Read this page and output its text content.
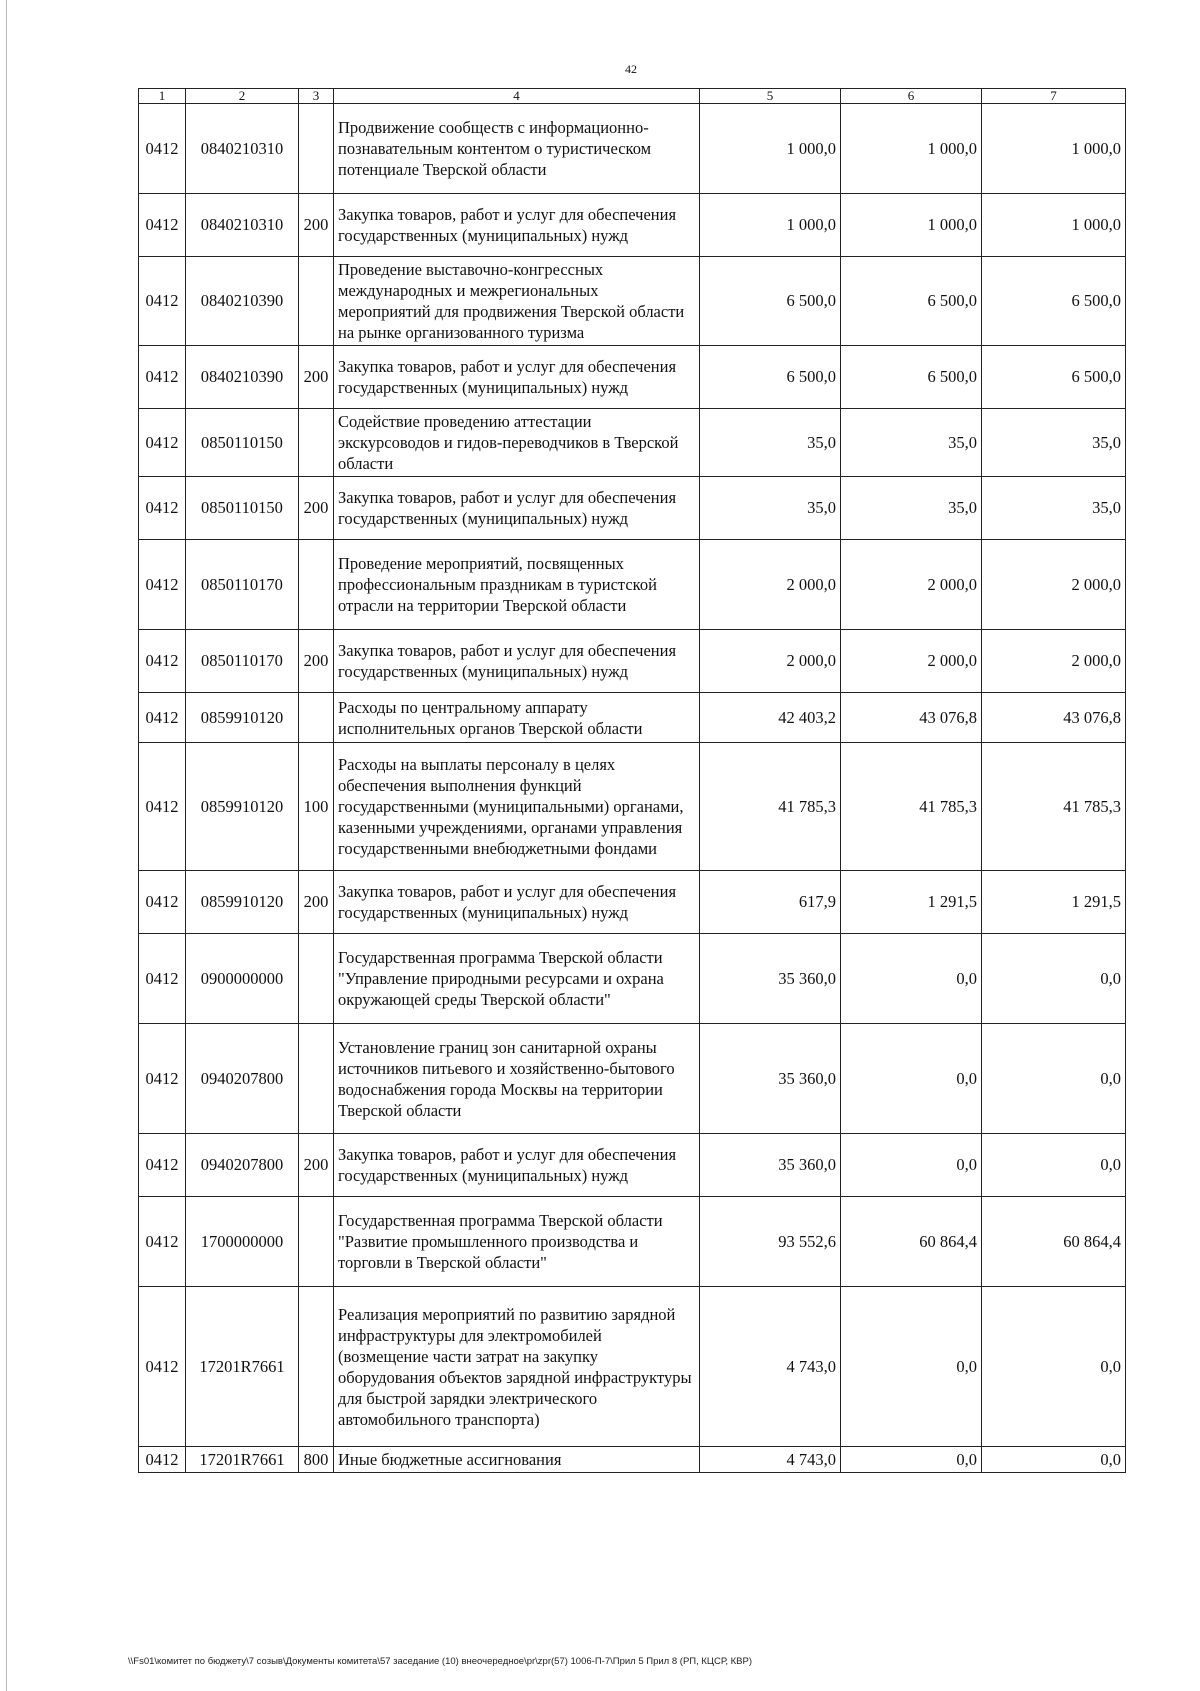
42
1	2	3	4	5	6	7
0412	0840210310		Продвижение сообществ с информационно-познавательным контентом о туристическом потенциале Тверской области	1 000,0	1 000,0	1 000,0
0412	0840210310	200	Закупка товаров, работ и услуг для обеспечения государственных (муниципальных) нужд	1 000,0	1 000,0	1 000,0
0412	0840210390		Проведение выставочно-конгрессных международных и межрегиональных мероприятий для продвижения Тверской области на рынке организованного туризма	6 500,0	6 500,0	6 500,0
0412	0840210390	200	Закупка товаров, работ и услуг для обеспечения государственных (муниципальных) нужд	6 500,0	6 500,0	6 500,0
0412	0850110150		Содействие проведению аттестации экскурсоводов и гидов-переводчиков в Тверской области	35,0	35,0	35,0
0412	0850110150	200	Закупка товаров, работ и услуг для обеспечения государственных (муниципальных) нужд	35,0	35,0	35,0
0412	0850110170		Проведение мероприятий, посвященных профессиональным праздникам в туристской отрасли на территории Тверской области	2 000,0	2 000,0	2 000,0
0412	0850110170	200	Закупка товаров, работ и услуг для обеспечения государственных (муниципальных) нужд	2 000,0	2 000,0	2 000,0
0412	0859910120		Расходы по центральному аппарату исполнительных органов Тверской области	42 403,2	43 076,8	43 076,8
0412	0859910120	100	Расходы на выплаты персоналу в целях обеспечения выполнения функций государственными (муниципальными) органами, казенными учреждениями, органами управления государственными внебюджетными фондами	41 785,3	41 785,3	41 785,3
0412	0859910120	200	Закупка товаров, работ и услуг для обеспечения государственных (муниципальных) нужд	617,9	1 291,5	1 291,5
0412	0900000000		Государственная программа Тверской области "Управление природными ресурсами и охрана окружающей среды Тверской области"	35 360,0	0,0	0,0
0412	0940207800		Установление границ зон санитарной охраны источников питьевого и хозяйственно-бытового водоснабжения города Москвы на территории Тверской области	35 360,0	0,0	0,0
0412	0940207800	200	Закупка товаров, работ и услуг для обеспечения государственных (муниципальных) нужд	35 360,0	0,0	0,0
0412	1700000000		Государственная программа Тверской области "Развитие промышленного производства и торговли в Тверской области"	93 552,6	60 864,4	60 864,4
0412	17201R7661		Реализация мероприятий по развитию зарядной инфраструктуры для электромобилей (возмещение части затрат на закупку оборудования объектов зарядной инфраструктуры для быстрой зарядки электрического автомобильного транспорта)	4 743,0	0,0	0,0
0412	17201R7661	800	Иные бюджетные ассигнования	4 743,0	0,0	0,0
\\Fs01\комитет по бюджету\7 созыв\Документы комитета\57 заседание (10) внеочередное\pr\zpr(57) 1006-П-7\Прил 5 Прил 8 (РП, КЦСР, КВР)
